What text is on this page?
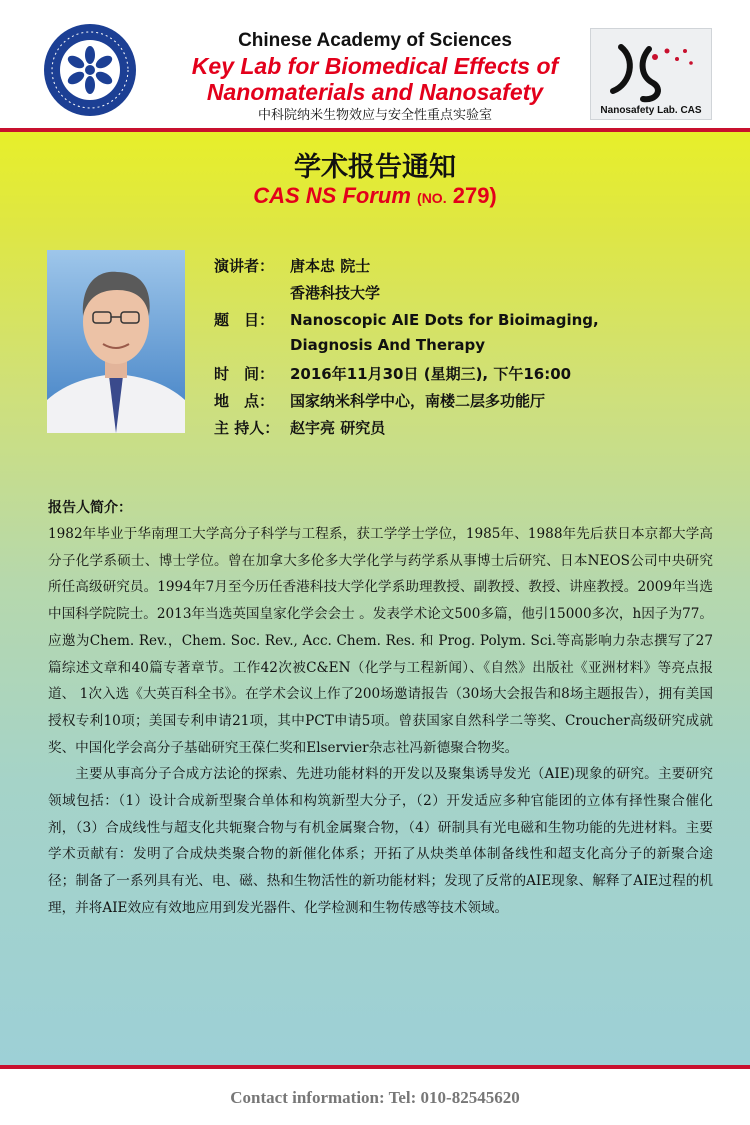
Chinese Academy of Sciences
Key Lab for Biomedical Effects of
Nanomaterials and Nanosafety
中科院纳米生物效应与安全性重点实验室	Nanosafety Lab. CAS
学术报告通知
CAS NS Forum (NO. 279)
演讲者： 唐本忠 院士
香港科技大学
题　目： Nanoscopic AIE Dots for Bioimaging,
Diagnosis And Therapy
时　间： 2016年11月30日 (星期三), 下午16:00
地　点： 国家纳米科学中心，南楼二层多功能厅
主 持人： 赵宇亮 研究员
报告人简介：

1982年毕业于华南理工大学高分子科学与工程系，获工学学士学位，1985年、1988年先后获日本京都大学高分子化学系硕士、博士学位。曾在加拿大多伦多大学化学与药学系从事博士后研究、日本NEOS公司中央研究所任高级研究员。1994年7月至今历任香港科技大学化学系助理教授、副教授、教授、讲座教授。2009年当选中国科学院院士。2013年当选英国皇家化学会会士 。发表学术论文500多篇，他引15000多次，h因子为77。应邀为Chem. Rev.，Chem. Soc. Rev., Acc. Chem. Res. 和 Prog. Polym. Sci.等高影响力杂志撰写了27篇综述文章和40篇专著章节。工作42次被C&EN（化学与工程新闻）、《自然》出版社《亚洲材料》等亮点报道、 1次入选《大英百科全书》。在学术会议上作了200场邀请报告（30场大会报告和8场主题报告），拥有美国授权专利10项；美国专利申请21项，其中PCT申请5项。曾获国家自然科学二等奖、Croucher高级研究成就奖、中国化学会高分子基础研究王葆仁奖和Elservier杂志社冯新德聚合物奖。

主要从事高分子合成方法论的探索、先进功能材料的开发以及聚集诱导发光（AIE)现象的研究。主要研究领域包括：（1）设计合成新型聚合单体和构筑新型大分子，（2）开发适应多种官能团的立体有择性聚合催化剂，（3）合成线性与超支化共轭聚合物与有机金属聚合物，（4）研制具有光电磁和生物功能的先进材料。主要学术贡献有：发明了合成炔类聚合物的新催化体系；开拓了从炔类单体制备线性和超支化高分子的新聚合途径；制备了一系列具有光、电、磁、热和生物活性的新功能材料；发现了反常的AIE现象、解释了AIE过程的机理，并将AIE效应有效地应用到发光器件、化学检测和生物传感等技术领域。

Contact information: Tel: 010-82545620
